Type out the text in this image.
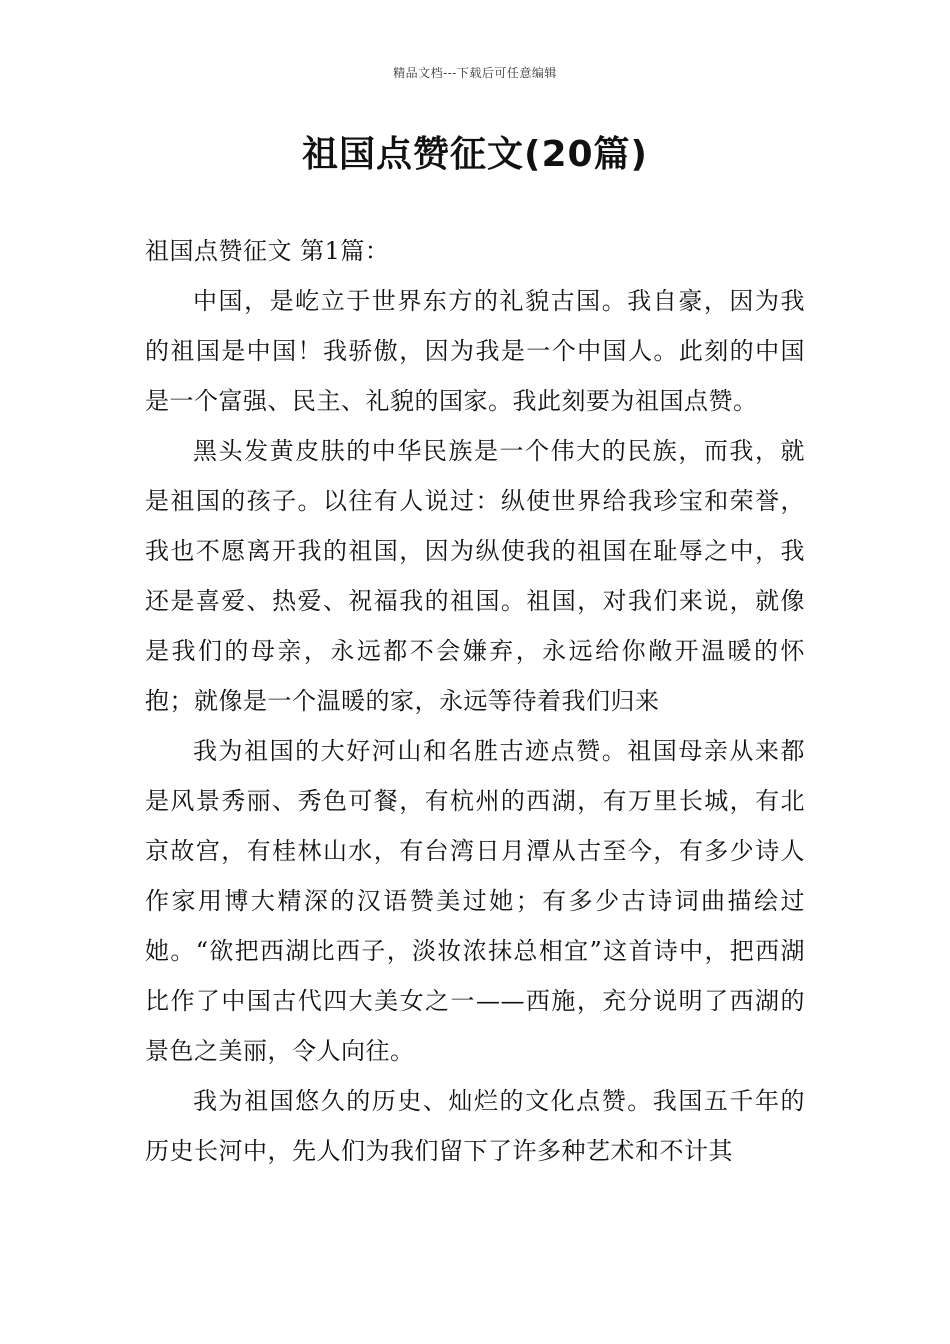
精品文档---下载后可任意编辑
祖国点赞征文(20篇)
祖国点赞征文 第1篇：

中国，是屹立于世界东方的礼貌古国。我自豪，因为我的祖国是中国！我骄傲，因为我是一个中国人。此刻的中国是一个富强、民主、礼貌的国家。我此刻要为祖国点赞。

黑头发黄皮肤的中华民族是一个伟大的民族，而我，就是祖国的孩子。以往有人说过：纵使世界给我珍宝和荣誉，我也不愿离开我的祖国，因为纵使我的祖国在耻辱之中，我还是喜爱、热爱、祝福我的祖国。祖国，对我们来说，就像是我们的母亲，永远都不会嫌弃，永远给你敞开温暖的怀抱；就像是一个温暖的家，永远等待着我们归来

我为祖国的大好河山和名胜古迹点赞。祖国母亲从来都是风景秀丽、秀色可餐，有杭州的西湖，有万里长城，有北京故宫，有桂林山水，有台湾日月潭从古至今，有多少诗人作家用博大精深的汉语赞美过她；有多少古诗词曲描绘过她。“欲把西湖比西子，淡妆浓抹总相宜”这首诗中，把西湖比作了中国古代四大美女之一——西施，充分说明了西湖的景色之美丽，令人向往。

我为祖国悠久的历史、灿烂的文化点赞。我国五千年的历史长河中，先人们为我们留下了许多种艺术和不计其
